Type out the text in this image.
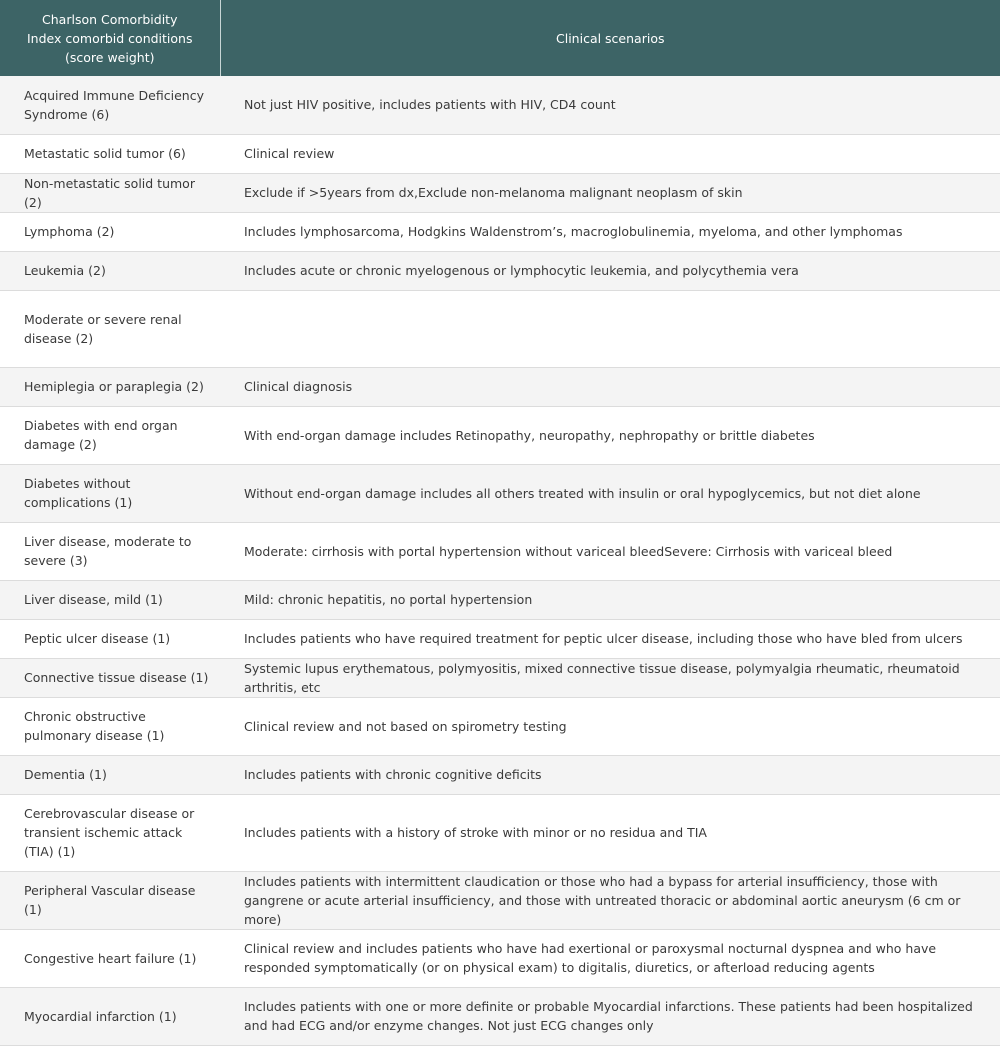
Charlson Comorbidity Index comorbid conditions (score weight)	Clinical scenarios
Acquired Immune Deficiency Syndrome (6)	Not just HIV positive, includes patients with HIV, CD4 count
Metastatic solid tumor (6)	Clinical review
Non-metastatic solid tumor (2)	Exclude if >5years from dx,Exclude non-melanoma malignant neoplasm of skin
Lymphoma (2)	Includes lymphosarcoma, Hodgkins Waldenstrom’s, macroglobulinemia, myeloma, and other lymphomas
Leukemia (2)	Includes acute or chronic myelogenous or lymphocytic leukemia, and polycythemia vera
Moderate or severe renal disease (2)	
Hemiplegia or paraplegia (2)	Clinical diagnosis
Diabetes with end organ damage (2)	With end-organ damage includes Retinopathy, neuropathy, nephropathy or brittle diabetes
Diabetes without complications (1)	Without end-organ damage includes all others treated with insulin or oral hypoglycemics, but not diet alone
Liver disease, moderate to severe (3)	Moderate: cirrhosis with portal hypertension without variceal bleedSevere: Cirrhosis with variceal bleed
Liver disease, mild (1)	Mild: chronic hepatitis, no portal hypertension
Peptic ulcer disease (1)	Includes patients who have required treatment for peptic ulcer disease, including those who have bled from ulcers
Connective tissue disease (1)	Systemic lupus erythematous, polymyositis, mixed connective tissue disease, polymyalgia rheumatic, rheumatoid arthritis, etc
Chronic obstructive pulmonary disease (1)	Clinical review and not based on spirometry testing
Dementia (1)	Includes patients with chronic cognitive deficits
Cerebrovascular disease or transient ischemic attack (TIA) (1)	Includes patients with a history of stroke with minor or no residua and TIA
Peripheral Vascular disease (1)	Includes patients with intermittent claudication or those who had a bypass for arterial insufficiency, those with gangrene or acute arterial insufficiency, and those with untreated thoracic or abdominal aortic aneurysm (6 cm or more)
Congestive heart failure (1)	Clinical review and includes patients who have had exertional or paroxysmal nocturnal dyspnea and who have responded symptomatically (or on physical exam) to digitalis, diuretics, or afterload reducing agents
Myocardial infarction (1)	Includes patients with one or more definite or probable Myocardial infarctions. These patients had been hospitalized and had ECG and/or enzyme changes. Not just ECG changes only
